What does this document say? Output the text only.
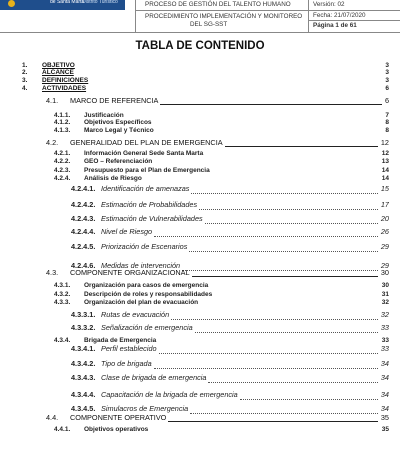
de Santa Marta
Distrito Turístico	PROCESO DE GESTIÓN DEL TALENTO HUMANO
PROCEDIMIENTO IMPLEMENTACIÓN Y MONITOREO
DEL SG-SST
Versión: 02
Fecha: 21/07/2020
Página 1 de 61
TABLA DE CONTENIDO
1. OBJETIVO	3
2. ALCANCE	3
3. DEFINICIONES	3
4. ACTIVIDADES	6
4.1. MARCO DE REFERENCIA	6
4.1.1. Justificación	7
4.1.2. Objetivos Específicos	8
4.1.3. Marco Legal y Técnico	8
4.2. GENERALIDAD DEL PLAN DE EMERGENCIA	12
4.2.1. Información General Sede Santa Marta	12
4.2.2. GEO – Referenciación	13
4.2.3. Presupuesto para el Plan de Emergencia	14
4.2.4. Análisis de Riesgo	14
4.2.4.1. Identificación de amenazas	15
4.2.4.2. Estimación de Probabilidades	17
4.2.4.3. Estimación de Vulnerabilidades	20
4.2.4.4. Nivel de Riesgo	26
4.2.4.5. Priorización de Escenarios	29
4.2.4.6. Medidas de intervención	29
4.3. COMPONENTE ORGANIZACIONAL	30
4.3.1. Organización para casos de emergencia	30
4.3.2. Descripción de roles y responsabilidades	31
4.3.3. Organización del plan de evacuación	32
4.3.3.1. Rutas de evacuación	32
4.3.3.2. Señalización de emergencia	33
4.3.4. Brigada de Emergencia	33
4.3.4.1. Perfil establecido	33
4.3.4.2. Tipo de brigada	34
4.3.4.3. Clase de brigada de emergencia	34
4.3.4.4. Capacitación de la brigada de emergencia	34
4.3.4.5. Simulacros de Emergencia	34
4.4. COMPONENTE OPERATIVO	35
4.4.1. Objetivos operativos	35
